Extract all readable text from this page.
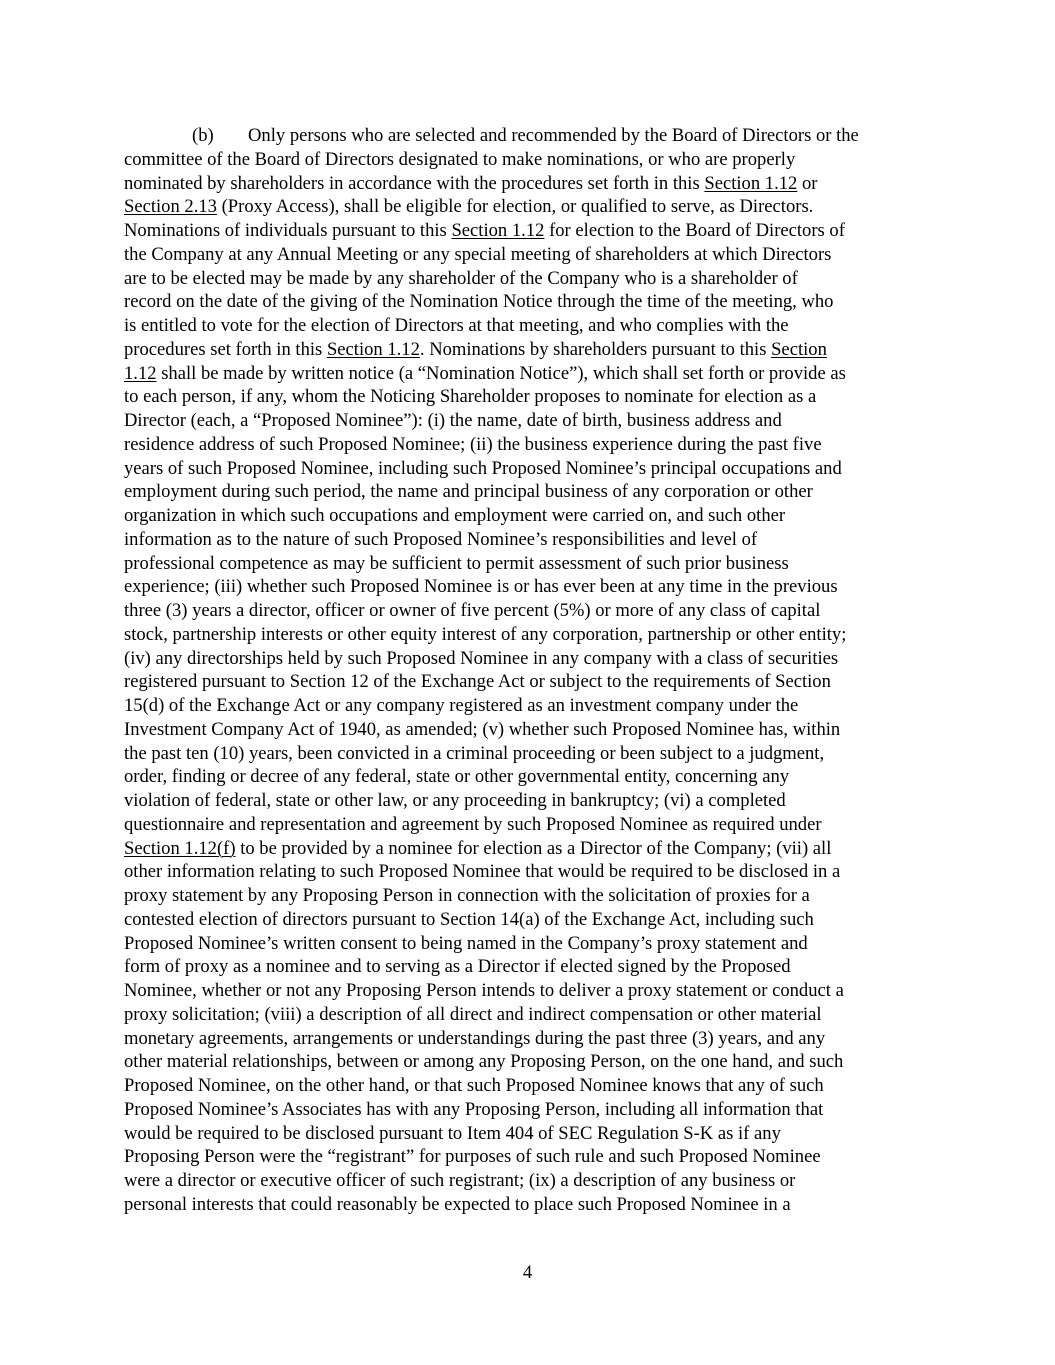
(b) Only persons who are selected and recommended by the Board of Directors or the
committee of the Board of Directors designated to make nominations, or who are properly
nominated by shareholders in accordance with the procedures set forth in this Section 1.12 or
Section 2.13 (Proxy Access), shall be eligible for election, or qualified to serve, as Directors.
Nominations of individuals pursuant to this Section 1.12 for election to the Board of Directors of
the Company at any Annual Meeting or any special meeting of shareholders at which Directors
are to be elected may be made by any shareholder of the Company who is a shareholder of
record on the date of the giving of the Nomination Notice through the time of the meeting, who
is entitled to vote for the election of Directors at that meeting, and who complies with the
procedures set forth in this Section 1.12. Nominations by shareholders pursuant to this Section
1.12 shall be made by written notice (a “Nomination Notice”), which shall set forth or provide as
to each person, if any, whom the Noticing Shareholder proposes to nominate for election as a
Director (each, a “Proposed Nominee”): (i) the name, date of birth, business address and
residence address of such Proposed Nominee; (ii) the business experience during the past five
years of such Proposed Nominee, including such Proposed Nominee’s principal occupations and
employment during such period, the name and principal business of any corporation or other
organization in which such occupations and employment were carried on, and such other
information as to the nature of such Proposed Nominee’s responsibilities and level of
professional competence as may be sufficient to permit assessment of such prior business
experience; (iii) whether such Proposed Nominee is or has ever been at any time in the previous
three (3) years a director, officer or owner of five percent (5%) or more of any class of capital
stock, partnership interests or other equity interest of any corporation, partnership or other entity;
(iv) any directorships held by such Proposed Nominee in any company with a class of securities
registered pursuant to Section 12 of the Exchange Act or subject to the requirements of Section
15(d) of the Exchange Act or any company registered as an investment company under the
Investment Company Act of 1940, as amended; (v) whether such Proposed Nominee has, within
the past ten (10) years, been convicted in a criminal proceeding or been subject to a judgment,
order, finding or decree of any federal, state or other governmental entity, concerning any
violation of federal, state or other law, or any proceeding in bankruptcy; (vi) a completed
questionnaire and representation and agreement by such Proposed Nominee as required under
Section 1.12(f) to be provided by a nominee for election as a Director of the Company; (vii) all
other information relating to such Proposed Nominee that would be required to be disclosed in a
proxy statement by any Proposing Person in connection with the solicitation of proxies for a
contested election of directors pursuant to Section 14(a) of the Exchange Act, including such
Proposed Nominee’s written consent to being named in the Company’s proxy statement and
form of proxy as a nominee and to serving as a Director if elected signed by the Proposed
Nominee, whether or not any Proposing Person intends to deliver a proxy statement or conduct a
proxy solicitation; (viii) a description of all direct and indirect compensation or other material
monetary agreements, arrangements or understandings during the past three (3) years, and any
other material relationships, between or among any Proposing Person, on the one hand, and such
Proposed Nominee, on the other hand, or that such Proposed Nominee knows that any of such
Proposed Nominee’s Associates has with any Proposing Person, including all information that
would be required to be disclosed pursuant to Item 404 of SEC Regulation S-K as if any
Proposing Person were the “registrant” for purposes of such rule and such Proposed Nominee
were a director or executive officer of such registrant; (ix) a description of any business or
personal interests that could reasonably be expected to place such Proposed Nominee in a
4
